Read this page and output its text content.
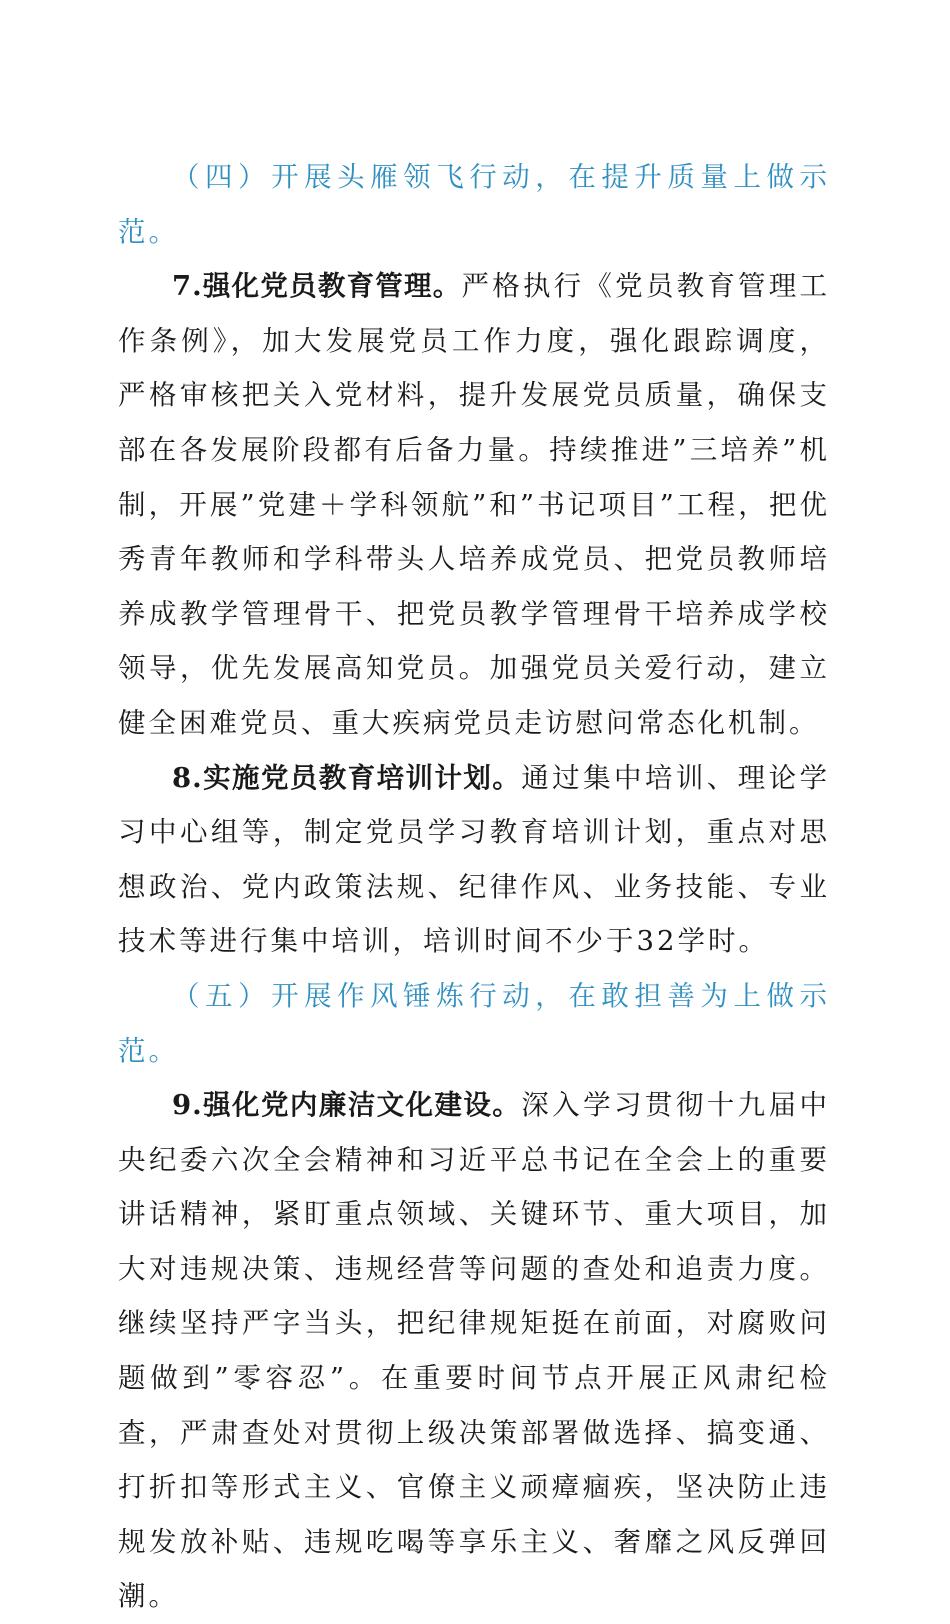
（四）开展头雁领飞行动，在提升质量上做示范。

7.强化党员教育管理。严格执行《党员教育管理工作条例》，加大发展党员工作力度，强化跟踪调度，严格审核把关入党材料，提升发展党员质量，确保支部在各发展阶段都有后备力量。持续推进”三培养”机制，开展”党建＋学科领航”和”书记项目”工程，把优秀青年教师和学科带头人培养成党员、把党员教师培养成教学管理骨干、把党员教学管理骨干培养成学校领导，优先发展高知党员。加强党员关爱行动，建立健全困难党员、重大疾病党员走访慰问常态化机制。

8.实施党员教育培训计划。通过集中培训、理论学习中心组等，制定党员学习教育培训计划，重点对思想政治、党内政策法规、纪律作风、业务技能、专业技术等进行集中培训，培训时间不少于32学时。

（五）开展作风锤炼行动，在敢担善为上做示范。

9.强化党内廉洁文化建设。深入学习贯彻十九届中央纪委六次全会精神和习近平总书记在全会上的重要讲话精神，紧盯重点领域、关键环节、重大项目，加大对违规决策、违规经营等问题的查处和追责力度。继续坚持严字当头，把纪律规矩挺在前面，对腐败问题做到”零容忍”。在重要时间节点开展正风肃纪检查，严肃查处对贯彻上级决策部署做选择、搞变通、打折扣等形式主义、官僚主义顽瘴痼疾，坚决防止违规发放补贴、违规吃喝等享乐主义、奢靡之风反弹回潮。
